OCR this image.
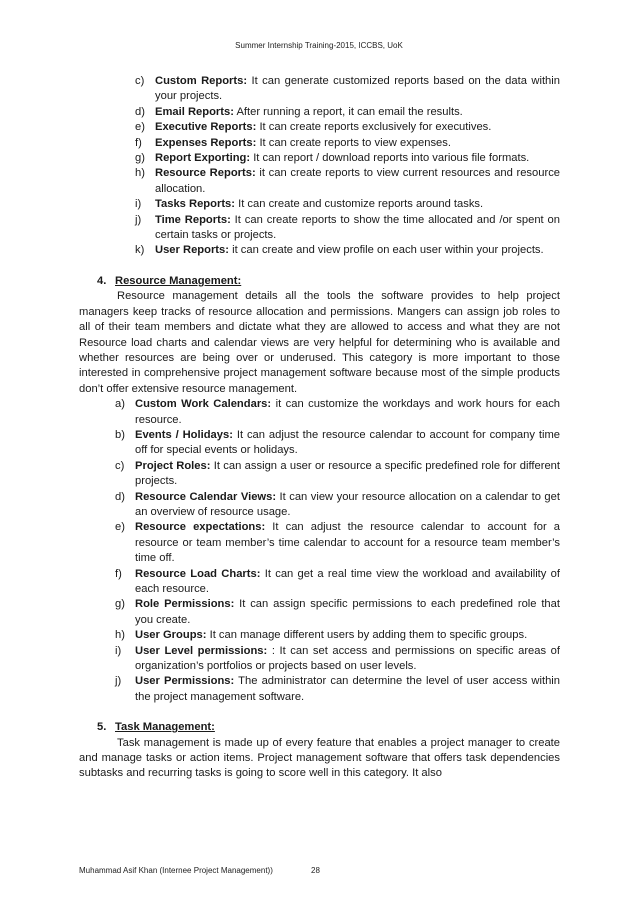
Summer Internship Training-2015, ICCBS, UoK
c) Custom Reports: It can generate customized reports based on the data within your projects.
d) Email Reports: After running a report, it can email the results.
e) Executive Reports: It can create reports exclusively for executives.
f) Expenses Reports: It can create reports to view expenses.
g) Report Exporting: It can report / download reports into various file formats.
h) Resource Reports: it can create reports to view current resources and resource allocation.
i) Tasks Reports: It can create and customize reports around tasks.
j) Time Reports: It can create reports to show the time allocated and /or spent on certain tasks or projects.
k) User Reports: it can create and view profile on each user within your projects.
4. Resource Management:

Resource management details all the tools the software provides to help project managers keep tracks of resource allocation and permissions. Mangers can assign job roles to all of their team members and dictate what they are allowed to access and what they are not Resource load charts and calendar views are very helpful for determining who is available and whether resources are being over or underused. This category is more important to those interested in comprehensive project management software because most of the simple products don’t offer extensive resource management.

a) Custom Work Calendars: it can customize the workdays and work hours for each resource.
b) Events / Holidays: It can adjust the resource calendar to account for company time off for special events or holidays.
c) Project Roles: It can assign a user or resource a specific predefined role for different projects.
d) Resource Calendar Views: It can view your resource allocation on a calendar to get an overview of resource usage.
e) Resource expectations: It can adjust the resource calendar to account for a resource or team member’s time calendar to account for a resource team member’s time off.
f) Resource Load Charts: It can get a real time view the workload and availability of each resource.
g) Role Permissions: It can assign specific permissions to each predefined role that you create.
h) User Groups: It can manage different users by adding them to specific groups.
i) User Level permissions: : It can set access and permissions on specific areas of organization’s portfolios or projects based on user levels.
j) User Permissions: The administrator can determine the level of user access within the project management software.
5. Task Management:

Task management is made up of every feature that enables a project manager to create and manage tasks or action items. Project management software that offers task dependencies subtasks and recurring tasks is going to score well in this category. It also

Muhammad Asif Khan (Internee Project Management))	28
